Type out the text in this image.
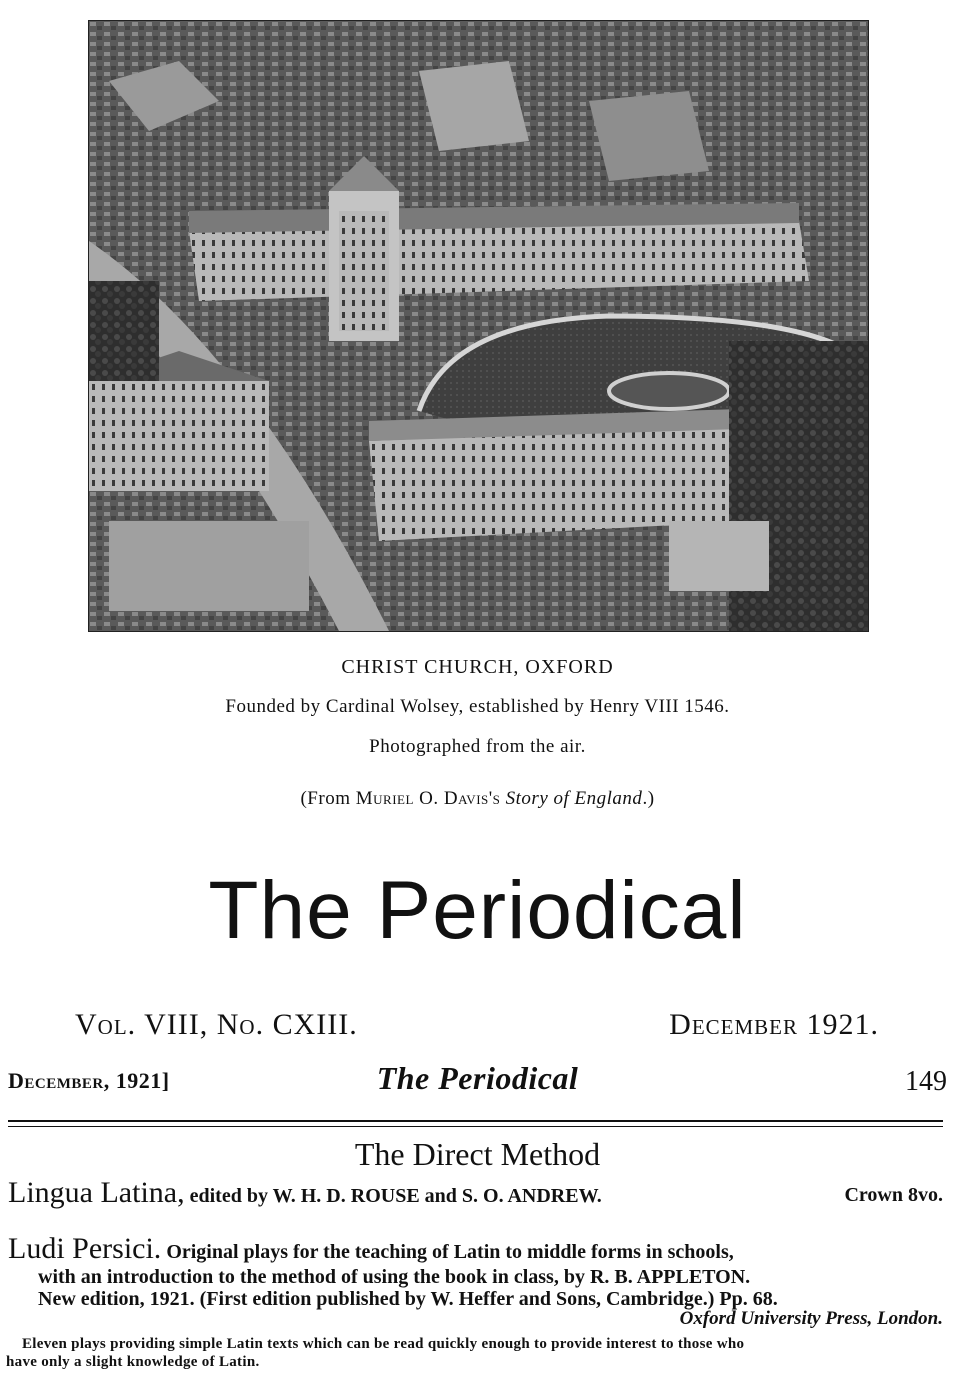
CHRIST CHURCH, OXFORD
Founded by Cardinal Wolsey, established by Henry VIII 1546.
Photographed from the air.
(From Muriel O. Davis's Story of England.)
The Periodical
Vol. VIII, No. CXIII.	December 1921.
December, 1921]	The Periodical	149
The Direct Method
Lingua Latina, edited by W. H. D. ROUSE and S. O. ANDREW.	Crown 8vo.
Ludi Persici. Original plays for the teaching of Latin to middle forms in schools,
with an introduction to the method of using the book in class, by R. B. APPLETON.
New edition, 1921. (First edition published by W. Heffer and Sons, Cambridge.) Pp. 68.
Oxford University Press, London.
Eleven plays providing simple Latin texts which can be read quickly enough to provide interest to those who
have only a slight knowledge of Latin.
